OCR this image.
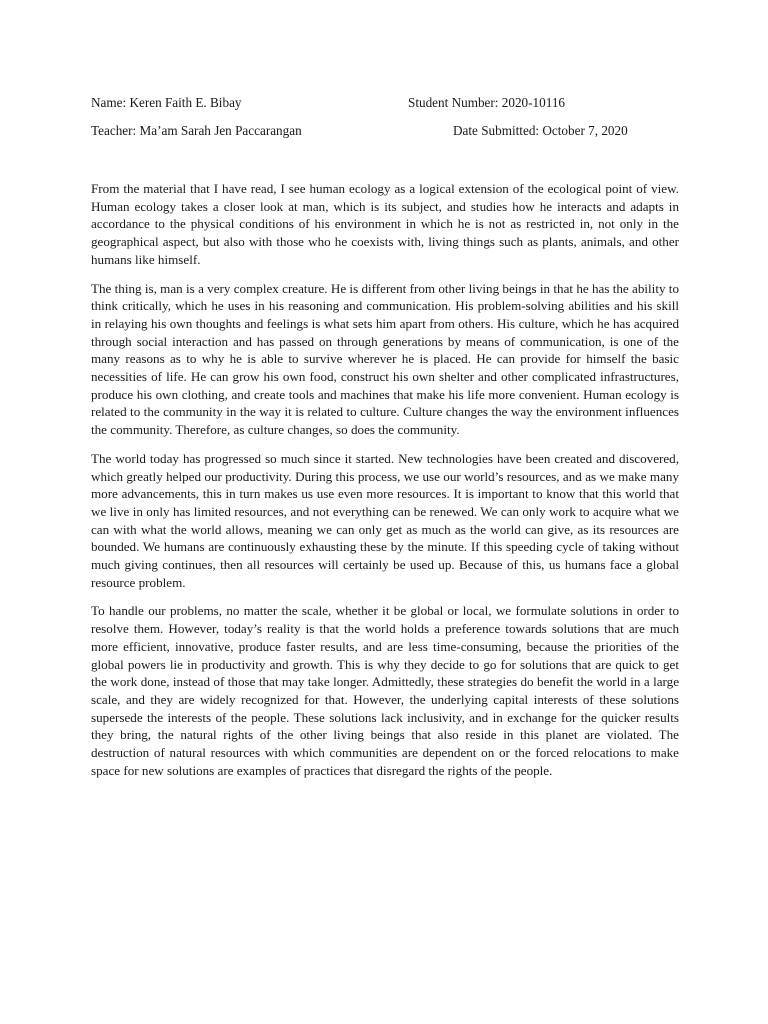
Name: Keren Faith E. Bibay	Student Number: 2020-10116
Teacher: Ma’am Sarah Jen Paccarangan	Date Submitted: October 7, 2020

From the material that I have read, I see human ecology as a logical extension of the ecological point of view. Human ecology takes a closer look at man, which is its subject, and studies how he interacts and adapts in accordance to the physical conditions of his environment in which he is not as restricted in, not only in the geographical aspect, but also with those who he coexists with, living things such as plants, animals, and other humans like himself.

The thing is, man is a very complex creature. He is different from other living beings in that he has the ability to think critically, which he uses in his reasoning and communication. His problem-solving abilities and his skill in relaying his own thoughts and feelings is what sets him apart from others. His culture, which he has acquired through social interaction and has passed on through generations by means of communication, is one of the many reasons as to why he is able to survive wherever he is placed. He can provide for himself the basic necessities of life. He can grow his own food, construct his own shelter and other complicated infrastructures, produce his own clothing, and create tools and machines that make his life more convenient. Human ecology is related to the community in the way it is related to culture. Culture changes the way the environment influences the community. Therefore, as culture changes, so does the community.

The world today has progressed so much since it started. New technologies have been created and discovered, which greatly helped our productivity. During this process, we use our world’s resources, and as we make many more advancements, this in turn makes us use even more resources. It is important to know that this world that we live in only has limited resources, and not everything can be renewed. We can only work to acquire what we can with what the world allows, meaning we can only get as much as the world can give, as its resources are bounded. We humans are continuously exhausting these by the minute. If this speeding cycle of taking without much giving continues, then all resources will certainly be used up. Because of this, us humans face a global resource problem.

To handle our problems, no matter the scale, whether it be global or local, we formulate solutions in order to resolve them. However, today’s reality is that the world holds a preference towards solutions that are much more efficient, innovative, produce faster results, and are less time-consuming, because the priorities of the global powers lie in productivity and growth. This is why they decide to go for solutions that are quick to get the work done, instead of those that may take longer. Admittedly, these strategies do benefit the world in a large scale, and they are widely recognized for that. However, the underlying capital interests of these solutions supersede the interests of the people. These solutions lack inclusivity, and in exchange for the quicker results they bring, the natural rights of the other living beings that also reside in this planet are violated. The destruction of natural resources with which communities are dependent on or the forced relocations to make space for new solutions are examples of practices that disregard the rights of the people.
